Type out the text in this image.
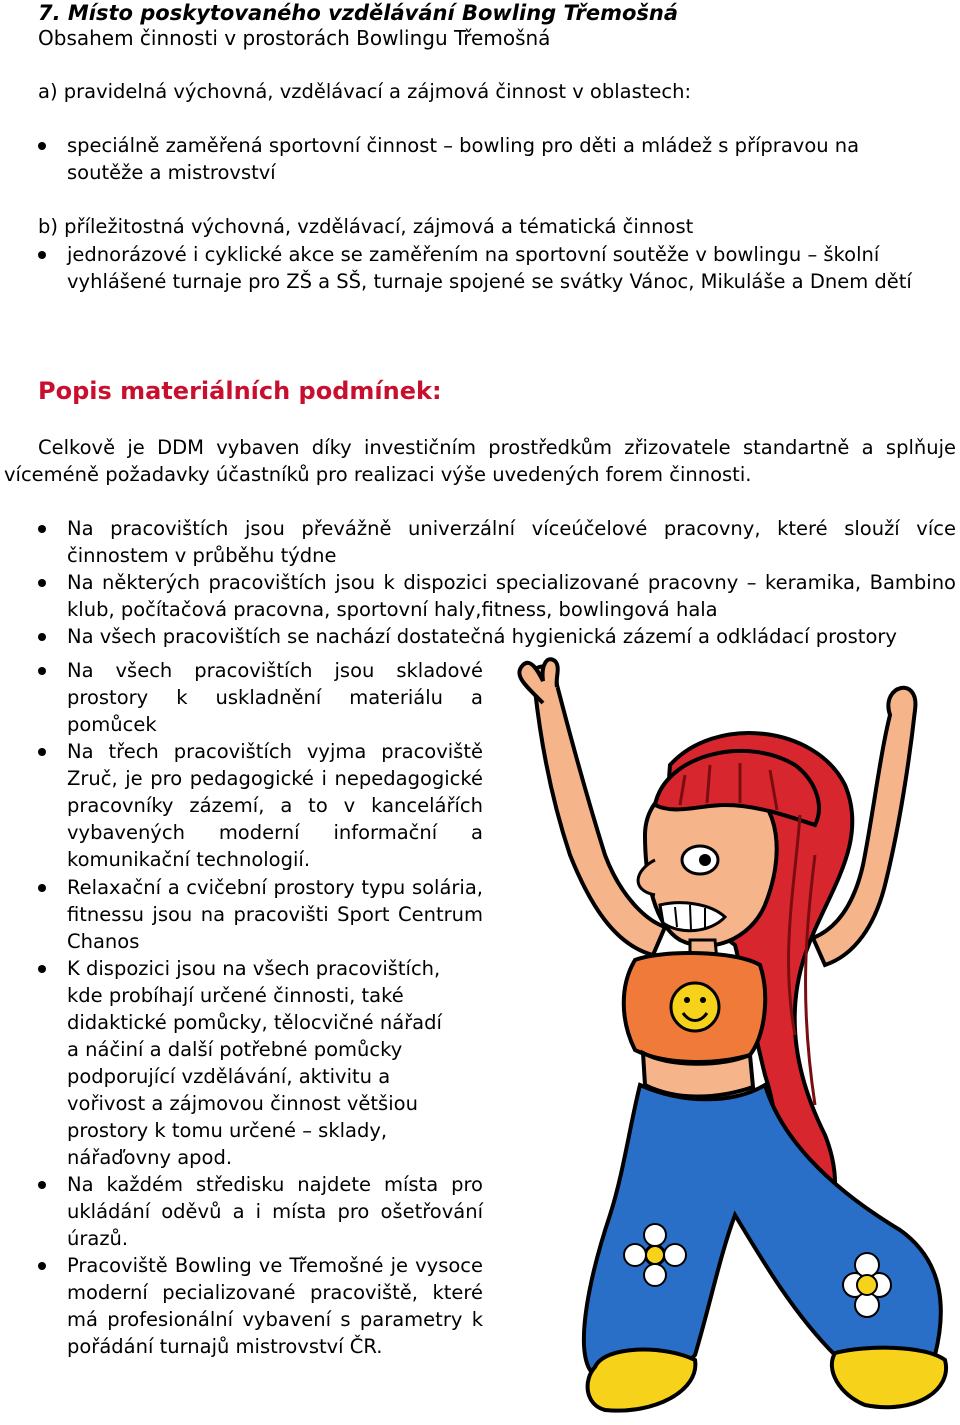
7. Místo poskytovaného vzdělávání Bowling Třemošná

Obsahem činnosti v prostorách Bowlingu Třemošná

a) pravidelná výchovná, vzdělávací a zájmová činnost v oblastech:

speciálně zaměřená sportovní činnost – bowling pro děti a mládež s přípravou na soutěže a mistrovství

b) příležitostná výchovná, vzdělávací, zájmová a tématická činnost

jednorázové i cyklické akce se zaměřením na sportovní soutěže v bowlingu – školní vyhlášené turnaje pro ZŠ a SŠ, turnaje spojené se svátky Vánoc, Mikuláše a Dnem dětí
Popis materiálních podmínek:

Celkově je DDM vybaven díky investičním prostředkům zřizovatele standartně a splňuje víceméně požadavky účastníků pro realizaci výše uvedených forem činnosti.

Na pracovištích jsou převážně univerzální víceúčelové pracovny, které slouží více činnostem v průběhu týdne
Na některých pracovištích jsou k dispozici specializované pracovny – keramika, Bambino klub, počítačová pracovna, sportovní haly,fitness, bowlingová hala
Na všech pracovištích se nachází dostatečná hygienická zázemí a odkládací prostory
Na všech pracovištích jsou skladové prostory k uskladnění materiálu a pomůcek
Na třech pracovištích vyjma pracoviště Zruč, je pro pedagogické i nepedagogické pracovníky zázemí, a to v kancelářích vybavených moderní informační a komunikační technologií.
Relaxační a cvičební prostory typu solária, fitnessu jsou na pracovišti Sport Centrum Chanos
K dispozici jsou na všech pracovištích, kde probíhají určené činnosti, také didaktické pomůcky, tělocvičné nářadí a náčiní a další potřebné pomůcky podporující vzdělávání, aktivitu a vořivost a zájmovou činnost většiou prostory k tomu určené – sklady, nářaďovny apod.
Na každém středisku najdete místa pro ukládání oděvů a i místa pro ošetřování úrazů.
Pracoviště Bowling ve Třemošné je vysoce moderní pecializované pracoviště, které má profesionální vybavení s parametry k pořádání turnajů mistrovství ČR.
